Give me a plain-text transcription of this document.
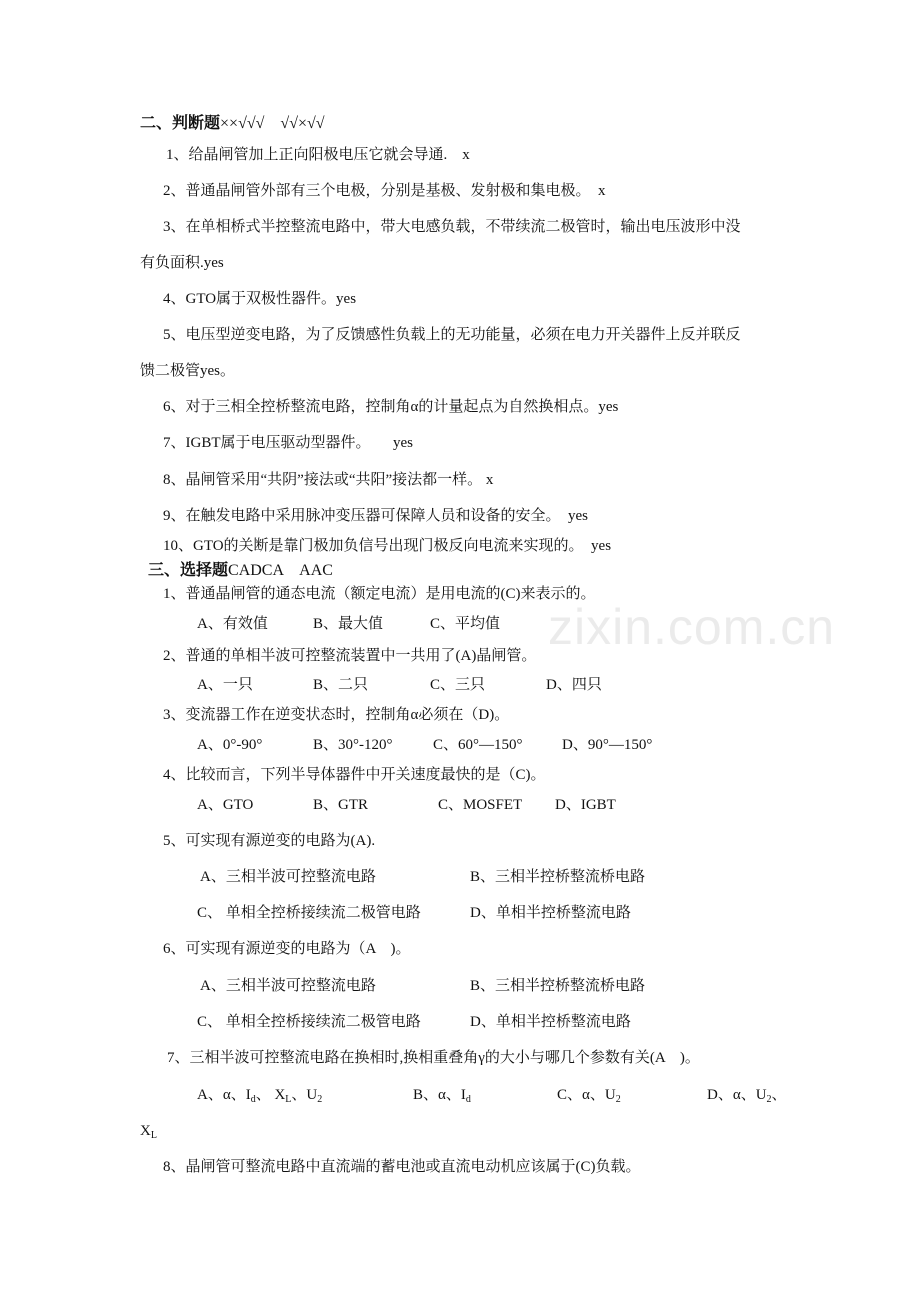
zixin.com.cn
二、判断题××√√√　√√×√√
1、给晶闸管加上正向阳极电压它就会导通.　x
2、普通晶闸管外部有三个电极，分别是基极、发射极和集电极。　x
3、在单相桥式半控整流电路中，带大电感负载，不带续流二极管时，输出电压波形中没
有负面积.yes
4、GTO属于双极性器件。yes
5、电压型逆变电路，为了反馈感性负载上的无功能量，必须在电力开关器件上反并联反
馈二极管yes。
6、对于三相全控桥整流电路，控制角α的计量起点为自然换相点。yes
7、IGBT属于电压驱动型器件。　　yes
8、晶闸管采用“共阴”接法或“共阳”接法都一样。 x
9、在触发电路中采用脉冲变压器可保障人员和设备的安全。　yes
10、GTO的关断是靠门极加负信号出现门极反向电流来实现的。　yes
三、选择题CADCA　AAC
1、普通晶闸管的通态电流（额定电流）是用电流的(C)来表示的。
A、有效值	B、最大值	C、平均值
2、普通的单相半波可控整流装置中一共用了(A)晶闸管。
A、一只	B、二只	C、三只	D、四只
3、变流器工作在逆变状态时，控制角α必须在（D)。
A、0°-90°	B、30°-120°	C、60°—150°	D、90°—150°
4、比较而言，下列半导体器件中开关速度最快的是（C)。
A、GTO	B、GTR	C、MOSFET D、IGBT
5、可实现有源逆变的电路为(A).
A、三相半波可控整流电路	B、三相半控桥整流桥电路
C、 单相全控桥接续流二极管电路	D、单相半控桥整流电路
6、可实现有源逆变的电路为（A　)。
A、三相半波可控整流电路	B、三相半控桥整流桥电路
C、 单相全控桥接续流二极管电路	D、单相半控桥整流电路
7、三相半波可控整流电路在换相时,换相重叠角γ的大小与哪几个参数有关(A　)。
A、α、$I_d$、 $X_L$、$U_2$	B、α、$I_d$	C、α、$U_2$	D、α、$U_2$、
$X_L$
8、晶闸管可整流电路中直流端的蓄电池或直流电动机应该属于(C)负载。
